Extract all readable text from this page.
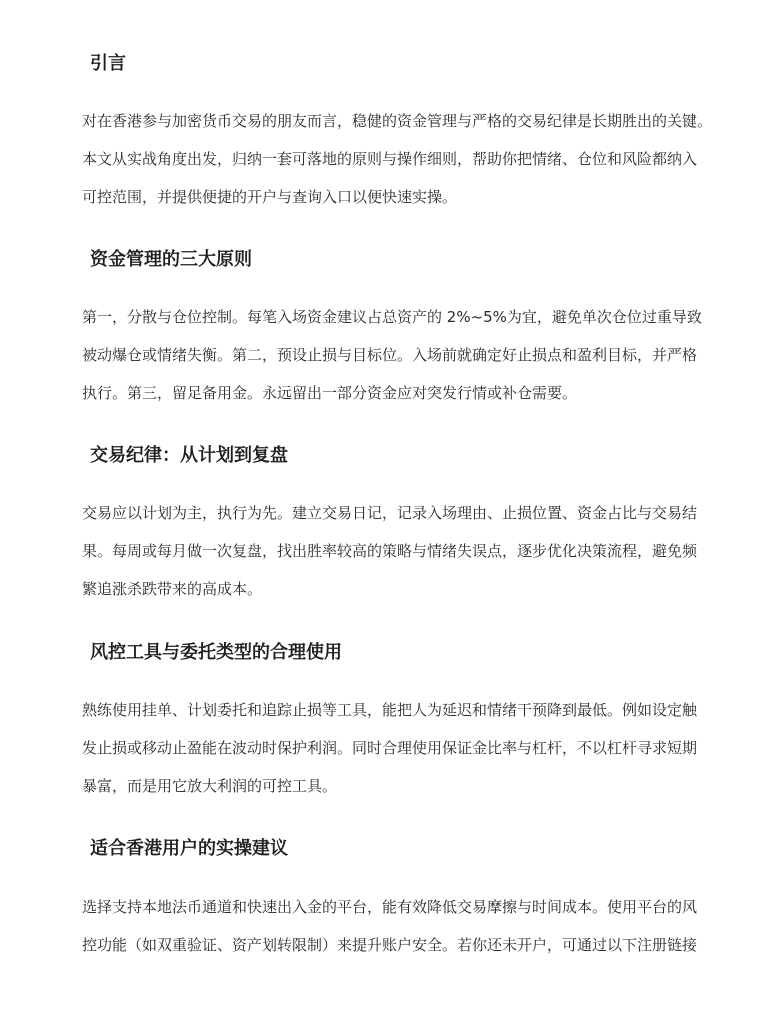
引言

对在香港参与加密货币交易的朋友而言，稳健的资金管理与严格的交易纪律是长期胜出的关键。
本文从实战角度出发，归纳一套可落地的原则与操作细则，帮助你把情绪、仓位和风险都纳入
可控范围，并提供便捷的开户与查询入口以便快速实操。

资金管理的三大原则

第一，分散与仓位控制。每笔入场资金建议占总资产的 2%~5%为宜，避免单次仓位过重导致
被动爆仓或情绪失衡。第二，预设止损与目标位。入场前就确定好止损点和盈利目标，并严格
执行。第三，留足备用金。永远留出一部分资金应对突发行情或补仓需要。

交易纪律：从计划到复盘

交易应以计划为主，执行为先。建立交易日记，记录入场理由、止损位置、资金占比与交易结
果。每周或每月做一次复盘，找出胜率较高的策略与情绪失误点，逐步优化决策流程，避免频
繁追涨杀跌带来的高成本。

风控工具与委托类型的合理使用

熟练使用挂单、计划委托和追踪止损等工具，能把人为延迟和情绪干预降到最低。例如设定触
发止损或移动止盈能在波动时保护利润。同时合理使用保证金比率与杠杆，不以杠杆寻求短期
暴富，而是用它放大利润的可控工具。

适合香港用户的实操建议

选择支持本地法币通道和快速出入金的平台，能有效降低交易摩擦与时间成本。使用平台的风
控功能（如双重验证、资产划转限制）来提升账户安全。若你还未开户，可通过以下注册链接
